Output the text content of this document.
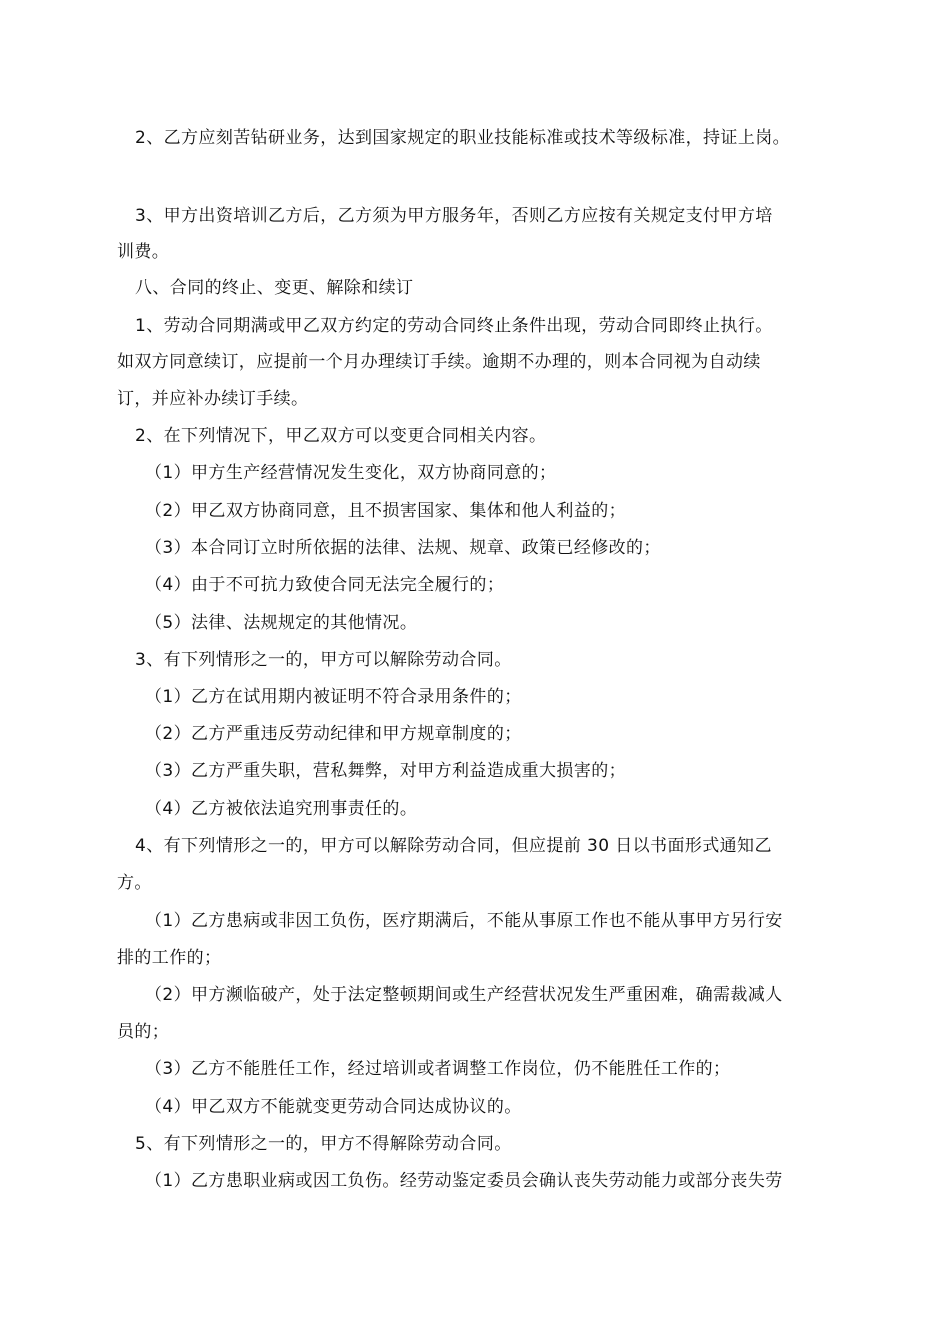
2、乙方应刻苦钻研业务，达到国家规定的职业技能标准或技术等级标准，持证上岗。
3、甲方出资培训乙方后，乙方须为甲方服务年，否则乙方应按有关规定支付甲方培
训费。
八、合同的终止、变更、解除和续订
1、劳动合同期满或甲乙双方约定的劳动合同终止条件出现，劳动合同即终止执行。
如双方同意续订，应提前一个月办理续订手续。逾期不办理的，则本合同视为自动续
订，并应补办续订手续。
2、在下列情况下，甲乙双方可以变更合同相关内容。
（1）甲方生产经营情况发生变化，双方协商同意的；
（2）甲乙双方协商同意，且不损害国家、集体和他人利益的；
（3）本合同订立时所依据的法律、法规、规章、政策已经修改的；
（4）由于不可抗力致使合同无法完全履行的；
（5）法律、法规规定的其他情况。
3、有下列情形之一的，甲方可以解除劳动合同。
（1）乙方在试用期内被证明不符合录用条件的；
（2）乙方严重违反劳动纪律和甲方规章制度的；
（3）乙方严重失职，营私舞弊，对甲方利益造成重大损害的；
（4）乙方被依法追究刑事责任的。
4、有下列情形之一的，甲方可以解除劳动合同，但应提前 30 日以书面形式通知乙
方。
（1）乙方患病或非因工负伤，医疗期满后，不能从事原工作也不能从事甲方另行安
排的工作的；
（2）甲方濒临破产，处于法定整顿期间或生产经营状况发生严重困难，确需裁减人
员的；
（3）乙方不能胜任工作，经过培训或者调整工作岗位，仍不能胜任工作的；
（4）甲乙双方不能就变更劳动合同达成协议的。
5、有下列情形之一的，甲方不得解除劳动合同。
（1）乙方患职业病或因工负伤。经劳动鉴定委员会确认丧失劳动能力或部分丧失劳
